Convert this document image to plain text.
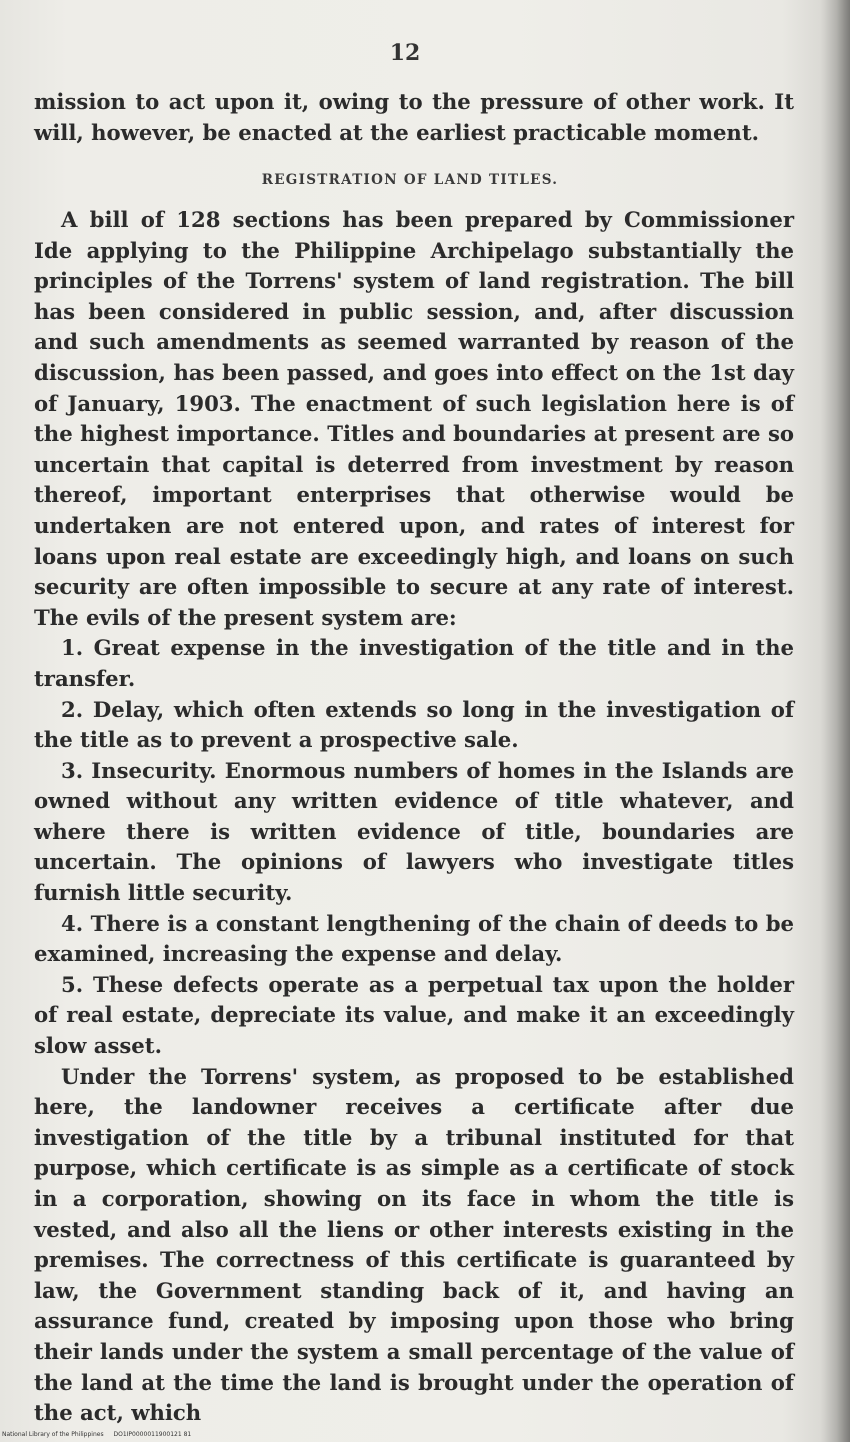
12
mission to act upon it, owing to the pressure of other work. It will, however, be enacted at the earliest practicable moment.
REGISTRATION OF LAND TITLES.

A bill of 128 sections has been prepared by Commissioner Ide applying to the Philippine Archipelago substantially the principles of the Torrens' system of land registration. The bill has been considered in public session, and, after discussion and such amendments as seemed warranted by reason of the discussion, has been passed, and goes into effect on the 1st day of January, 1903. The enactment of such legislation here is of the highest importance. Titles and boundaries at present are so uncertain that capital is deterred from investment by reason thereof, important enterprises that otherwise would be undertaken are not entered upon, and rates of interest for loans upon real estate are exceedingly high, and loans on such security are often impossible to secure at any rate of interest. The evils of the present system are:

1. Great expense in the investigation of the title and in the transfer.

2. Delay, which often extends so long in the investigation of the title as to prevent a prospective sale.

3. Insecurity. Enormous numbers of homes in the Islands are owned without any written evidence of title whatever, and where there is written evidence of title, boundaries are uncertain. The opinions of lawyers who investigate titles furnish little security.

4. There is a constant lengthening of the chain of deeds to be examined, increasing the expense and delay.

5. These defects operate as a perpetual tax upon the holder of real estate, depreciate its value, and make it an exceedingly slow asset.

Under the Torrens' system, as proposed to be established here, the landowner receives a certificate after due investigation of the title by a tribunal instituted for that purpose, which certificate is as simple as a certificate of stock in a corporation, showing on its face in whom the title is vested, and also all the liens or other interests existing in the premises. The correctness of this certificate is guaranteed by law, the Government standing back of it, and having an assurance fund, created by imposing upon those who bring their lands under the system a small percentage of the value of the land at the time the land is brought under the operation of the act, which

National Library of the Philippines DO1IP0000011900121 81
